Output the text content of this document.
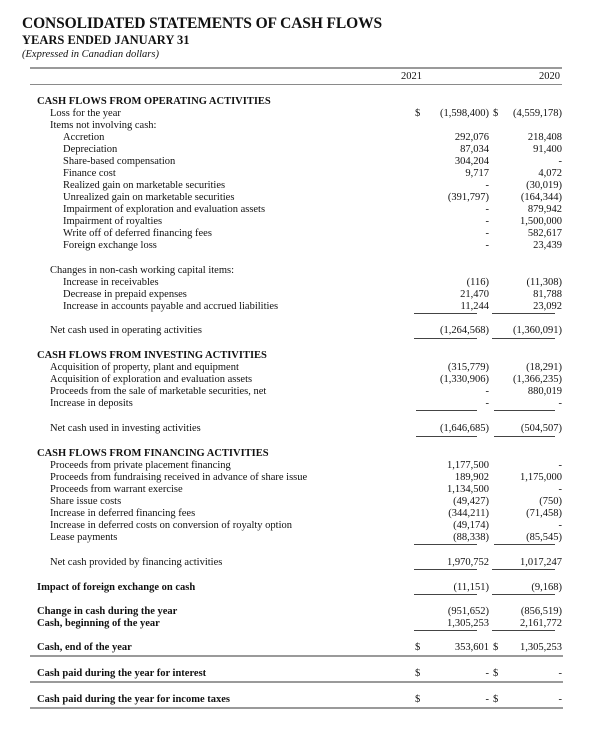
CONSOLIDATED STATEMENTS OF CASH FLOWS
YEARS ENDED JANUARY 31
(Expressed in Canadian dollars)
2021	2020
CASH FLOWS FROM OPERATING ACTIVITIES
Loss for the year	$ (1,598,400) $ (4,559,178)
Items not involving cash:
Accretion	292,076	218,408
Depreciation	87,034	91,400
Share-based compensation	304,204	-
Finance cost	9,717	4,072
Realized gain on marketable securities	-	(30,019)
Unrealized gain on marketable securities	(391,797)	(164,344)
Impairment of exploration and evaluation assets	-	879,942
Impairment of royalties	-	1,500,000
Write off of deferred financing fees	-	582,617
Foreign exchange loss	-	23,439
Changes in non-cash working capital items:
Increase in receivables	(116)	(11,308)
Decrease in prepaid expenses	21,470	81,788
Increase in accounts payable and accrued liabilities	11,244	23,092
Net cash used in operating activities	(1,264,568) (1,360,091)
CASH FLOWS FROM INVESTING ACTIVITIES
Acquisition of property, plant and equipment	(315,779)	(18,291)
Acquisition of exploration and evaluation assets	(1,330,906) (1,366,235)
Proceeds from the sale of marketable securities, net	-	880,019
Increase in deposits	-	-
Net cash used in investing activities	(1,646,685)	(504,507)
CASH FLOWS FROM FINANCING ACTIVITIES
Proceeds from private placement financing	1,177,500	-
Proceeds from fundraising received in advance of share issue	189,902	1,175,000
Proceeds from warrant exercise	1,134,500	-
Share issue costs	(49,427)	(750)
Increase in deferred financing fees	(344,211)	(71,458)
Increase in deferred costs on conversion of royalty option	(49,174)	-
Lease payments	(88,338)	(85,545)
Net cash provided by financing activities	1,970,752	1,017,247
Impact of foreign exchange on cash	(11,151)	(9,168)
Change in cash during the year	(951,652)	(856,519)
Cash, beginning of the year	1,305,253	2,161,772
Cash, end of the year	$	353,601 $ 1,305,253
Cash paid during the year for interest	$	- $	-
Cash paid during the year for income taxes	$	- $	-
